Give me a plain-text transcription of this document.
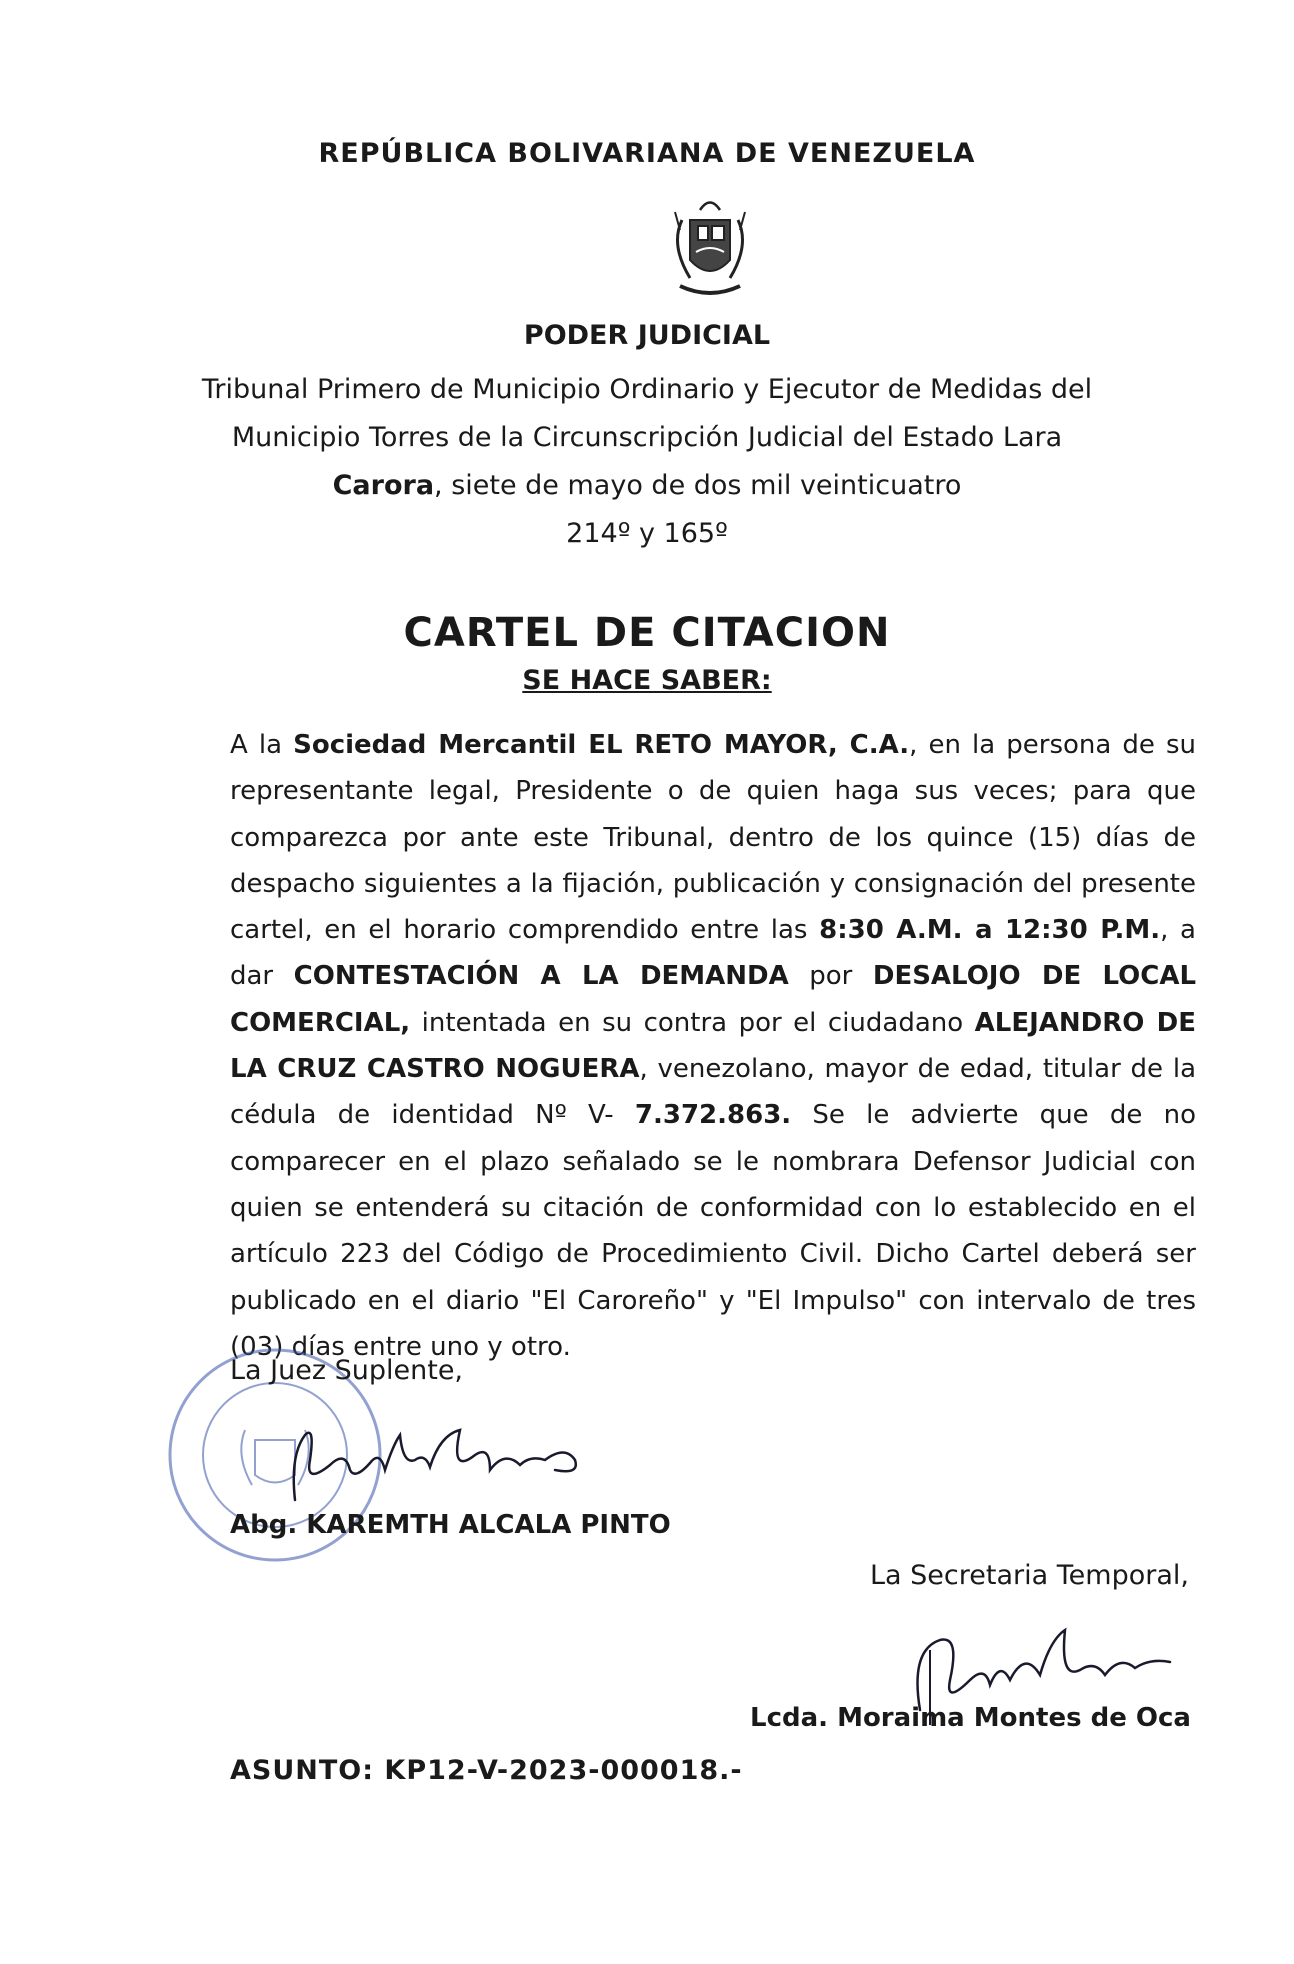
REPÚBLICA BOLIVARIANA DE VENEZUELA
PODER JUDICIAL
Tribunal Primero de Municipio Ordinario y Ejecutor de Medidas del
Municipio Torres de la Circunscripción Judicial del Estado Lara
Carora, siete de mayo de dos mil veinticuatro
214º y 165º
CARTEL DE CITACION
SE HACE SABER:
A la Sociedad Mercantil EL RETO MAYOR, C.A., en la persona de su representante legal, Presidente o de quien haga sus veces; para que comparezca por ante este Tribunal, dentro de los quince (15) días de despacho siguientes a la fijación, publicación y consignación del presente cartel, en el horario comprendido entre las 8:30 A.M. a 12:30 P.M., a dar CONTESTACIÓN A LA DEMANDA por DESALOJO DE LOCAL COMERCIAL, intentada en su contra por el ciudadano ALEJANDRO DE LA CRUZ CASTRO NOGUERA, venezolano, mayor de edad, titular de la cédula de identidad Nº V- 7.372.863. Se le advierte que de no comparecer en el plazo señalado se le nombrara Defensor Judicial con quien se entenderá su citación de conformidad con lo establecido en el artículo 223 del Código de Procedimiento Civil. Dicho Cartel deberá ser publicado en el diario "El Caroreño" y "El Impulso" con intervalo de tres (03) días entre uno y otro.
La Juez Suplente,
Abg. KAREMTH ALCALA PINTO
La Secretaria Temporal,
Lcda. Moraima Montes de Oca
ASUNTO: KP12-V-2023-000018.-
